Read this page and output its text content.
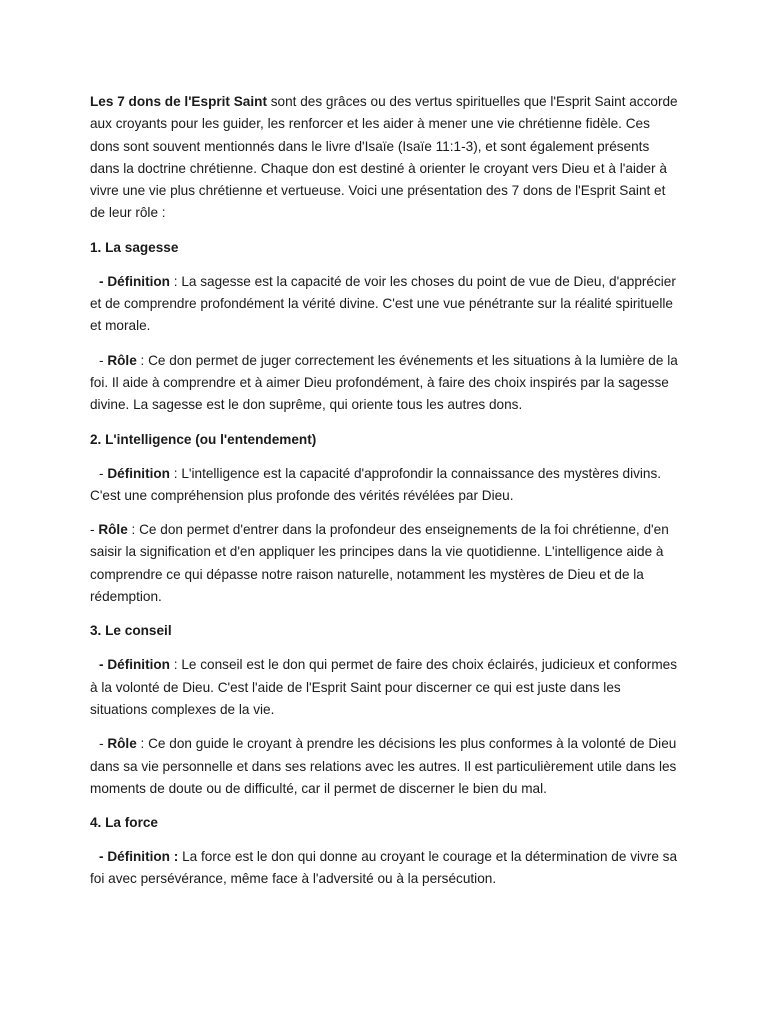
Les 7 dons de l'Esprit Saint sont des grâces ou des vertus spirituelles que l'Esprit Saint accorde aux croyants pour les guider, les renforcer et les aider à mener une vie chrétienne fidèle. Ces dons sont souvent mentionnés dans le livre d'Isaïe (Isaïe 11:1-3), et sont également présents dans la doctrine chrétienne. Chaque don est destiné à orienter le croyant vers Dieu et à l'aider à vivre une vie plus chrétienne et vertueuse. Voici une présentation des 7 dons de l'Esprit Saint et de leur rôle :

1. La sagesse

- Définition : La sagesse est la capacité de voir les choses du point de vue de Dieu, d'apprécier et de comprendre profondément la vérité divine. C'est une vue pénétrante sur la réalité spirituelle et morale.

- Rôle : Ce don permet de juger correctement les événements et les situations à la lumière de la foi. Il aide à comprendre et à aimer Dieu profondément, à faire des choix inspirés par la sagesse divine. La sagesse est le don suprême, qui oriente tous les autres dons.

2. L'intelligence (ou l'entendement)

- Définition : L'intelligence est la capacité d'approfondir la connaissance des mystères divins. C'est une compréhension plus profonde des vérités révélées par Dieu.

- Rôle : Ce don permet d'entrer dans la profondeur des enseignements de la foi chrétienne, d'en saisir la signification et d'en appliquer les principes dans la vie quotidienne. L'intelligence aide à comprendre ce qui dépasse notre raison naturelle, notamment les mystères de Dieu et de la rédemption.

3. Le conseil

- Définition : Le conseil est le don qui permet de faire des choix éclairés, judicieux et conformes à la volonté de Dieu. C'est l'aide de l'Esprit Saint pour discerner ce qui est juste dans les situations complexes de la vie.

- Rôle : Ce don guide le croyant à prendre les décisions les plus conformes à la volonté de Dieu dans sa vie personnelle et dans ses relations avec les autres. Il est particulièrement utile dans les moments de doute ou de difficulté, car il permet de discerner le bien du mal.

4. La force

- Définition : La force est le don qui donne au croyant le courage et la détermination de vivre sa foi avec persévérance, même face à l'adversité ou à la persécution.
